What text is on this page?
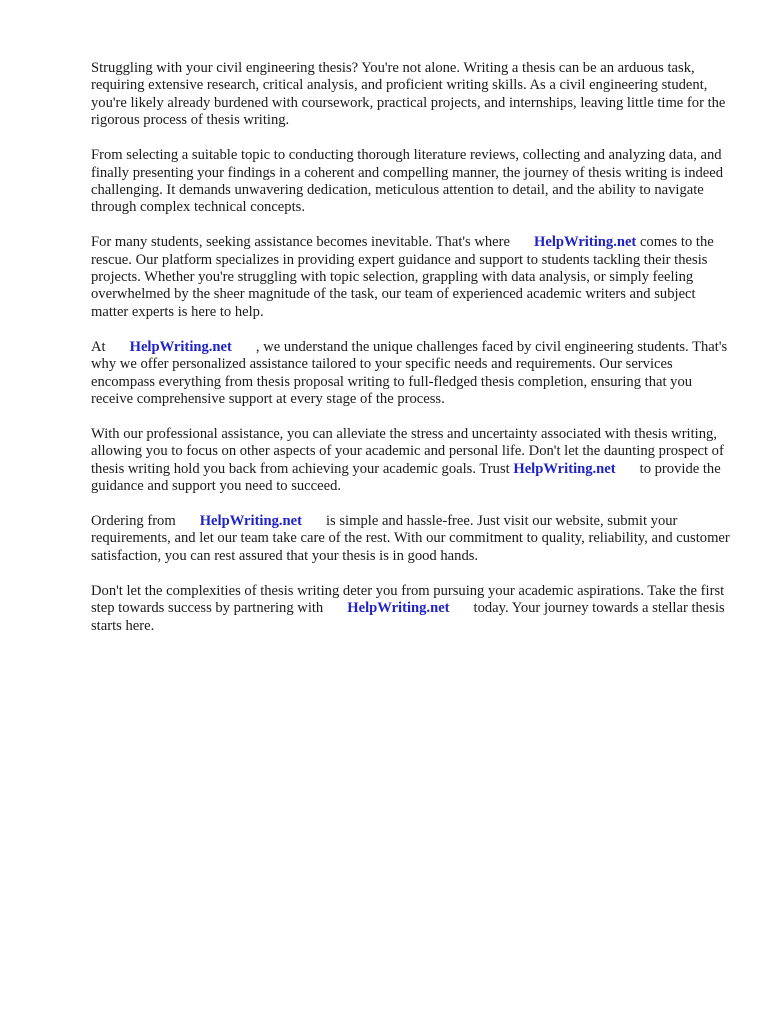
Struggling with your civil engineering thesis? You're not alone. Writing a thesis can be an arduous task, requiring extensive research, critical analysis, and proficient writing skills. As a civil engineering student, you're likely already burdened with coursework, practical projects, and internships, leaving little time for the rigorous process of thesis writing.

From selecting a suitable topic to conducting thorough literature reviews, collecting and analyzing data, and finally presenting your findings in a coherent and compelling manner, the journey of thesis writing is indeed challenging. It demands unwavering dedication, meticulous attention to detail, and the ability to navigate through complex technical concepts.

For many students, seeking assistance becomes inevitable. That's where HelpWriting.net comes to the rescue. Our platform specializes in providing expert guidance and support to students tackling their thesis projects. Whether you're struggling with topic selection, grappling with data analysis, or simply feeling overwhelmed by the sheer magnitude of the task, our team of experienced academic writers and subject matter experts is here to help.

At HelpWriting.net , we understand the unique challenges faced by civil engineering students. That's why we offer personalized assistance tailored to your specific needs and requirements. Our services encompass everything from thesis proposal writing to full-fledged thesis completion, ensuring that you receive comprehensive support at every stage of the process.

With our professional assistance, you can alleviate the stress and uncertainty associated with thesis writing, allowing you to focus on other aspects of your academic and personal life. Don't let the daunting prospect of thesis writing hold you back from achieving your academic goals. Trust HelpWriting.net to provide the guidance and support you need to succeed.

Ordering from HelpWriting.net is simple and hassle-free. Just visit our website, submit your requirements, and let our team take care of the rest. With our commitment to quality, reliability, and customer satisfaction, you can rest assured that your thesis is in good hands.

Don't let the complexities of thesis writing deter you from pursuing your academic aspirations. Take the first step towards success by partnering with HelpWriting.net today. Your journey towards a stellar thesis starts here.
